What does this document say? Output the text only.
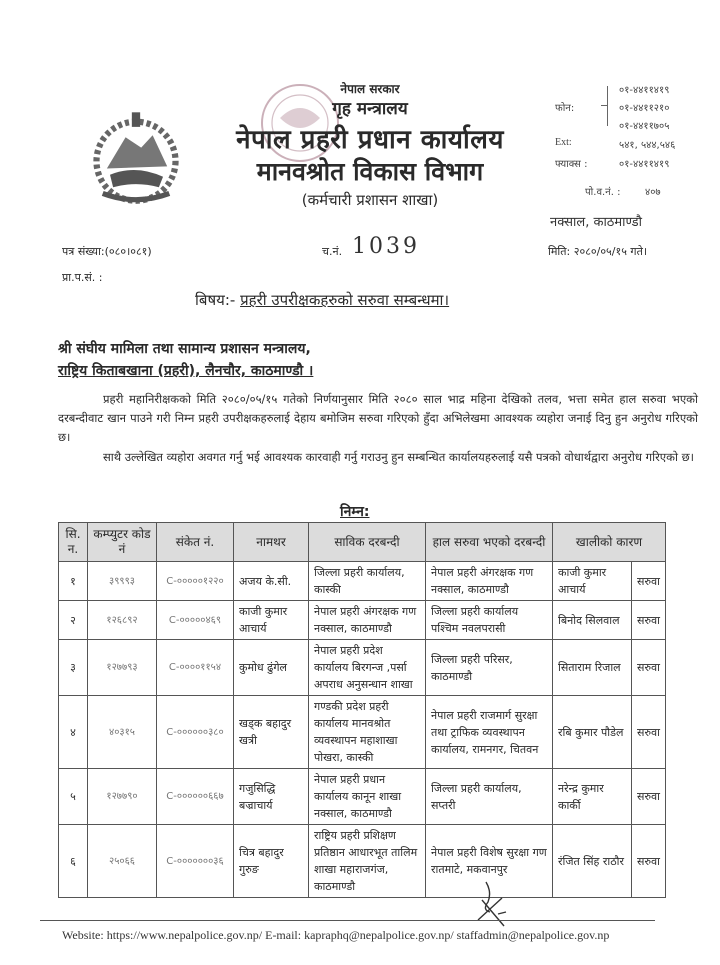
नेपाल सरकार
गृह मन्त्रालय
नेपाल प्रहरी प्रधान कार्यालय
मानवश्रोत विकास विभाग
(कर्मचारी प्रशासन शाखा)
फोन:
०१-४४११४१९
०१-४४११२१०
०१-४४११७०५
Ext:	५४१, ५४४,५४६
फ्याक्स :	०१-४४११४१९
पो.व.नं. :	४०७
नक्साल, काठमाण्डौ
पत्र संख्या:(०८०।०८१)	च.नं. 1039	मिति: २०८०/०५/१५ गते।
प्रा.प.सं. :
बिषय:- प्रहरी उपरीक्षकहरुको सरुवा सम्बन्धमा।
श्री संघीय मामिला तथा सामान्य प्रशासन मन्त्रालय,
राष्ट्रिय किताबखाना (प्रहरी), लैनचौर, काठमाण्डौ ।
प्रहरी महानिरीक्षकको मिति २०८०/०५/१५ गतेको निर्णयानुसार मिति २०८० साल भाद्र महिना देखिको तलव, भत्ता समेत हाल सरुवा भएको दरबन्दीवाट खान पाउने गरी निम्न प्रहरी उपरीक्षकहरुलाई देहाय बमोजिम सरुवा गरिएको हुँदा अभिलेखमा आवश्यक व्यहोरा जनाई दिनु हुन अनुरोध गरिएको छ।
साथै उल्लेखित व्यहोरा अवगत गर्नु भई आवश्यक कारवाही गर्नु गराउनु हुन सम्बन्धित कार्यालयहरुलाई यसै पत्रको वोधार्थद्वारा अनुरोध गरिएको छ।
निम्न:
सि. न.	कम्प्युटर कोड नं	संकेत नं.	नामथर	साविक दरबन्दी	हाल सरुवा भएको दरबन्दी	खालीको कारण	
१	३९९९३	C-०००००१२२०	अजय के.सी.	जिल्ला प्रहरी कार्यालय, कास्की	नेपाल प्रहरी अंगरक्षक गण नक्साल, काठमाण्डौ	काजी कुमार आचार्य	सरुवा
२	१२६८९२	C-०००००४६९	काजी कुमार आचार्य	नेपाल प्रहरी अंगरक्षक गण नक्साल, काठमाण्डौ	जिल्ला प्रहरी कार्यालय पश्चिम नवलपरासी	बिनोद सिलवाल	सरुवा
३	१२७७९३	C-००००११५४	कुमोध ढुंगेल	नेपाल प्रहरी प्रदेश कार्यालय बिरगन्ज ,पर्सा अपराध अनुसन्धान शाखा	जिल्ला प्रहरी परिसर, काठमाण्डौ	सिताराम रिजाल	सरुवा
४	४०३१५	C-००००००३८०	खड्क बहादुर खत्री	गण्डकी प्रदेश प्रहरी कार्यालय मानवश्रोत व्यवस्थापन महाशाखा पोखरा, कास्की	नेपाल प्रहरी राजमार्ग सुरक्षा तथा ट्राफिक व्यवस्थापन कार्यालय, रामनगर, चितवन	रबि कुमार पौडेल	सरुवा
५	१२७७९०	C-००००००६६७	गजुसिद्धि बज्राचार्य	नेपाल प्रहरी प्रधान कार्यालय कानून शाखा नक्साल, काठमाण्डौ	जिल्ला प्रहरी कार्यालय, सप्तरी	नरेन्द्र कुमार कार्की	सरुवा
६	२५०६६	C-०००००००३६	चित्र बहादुर गुरुङ	राष्ट्रिय प्रहरी प्रशिक्षण प्रतिष्ठान आधारभूत तालिम शाखा महाराजगंज, काठमाण्डौ	नेपाल प्रहरी विशेष सुरक्षा गण रातमाटे, मकवानपुर	रंजित सिंह राठौर	सरुवा
Website: https://www.nepalpolice.gov.np/ E-mail: kapraphq@nepalpolice.gov.np/ staffadmin@nepalpolice.gov.np
